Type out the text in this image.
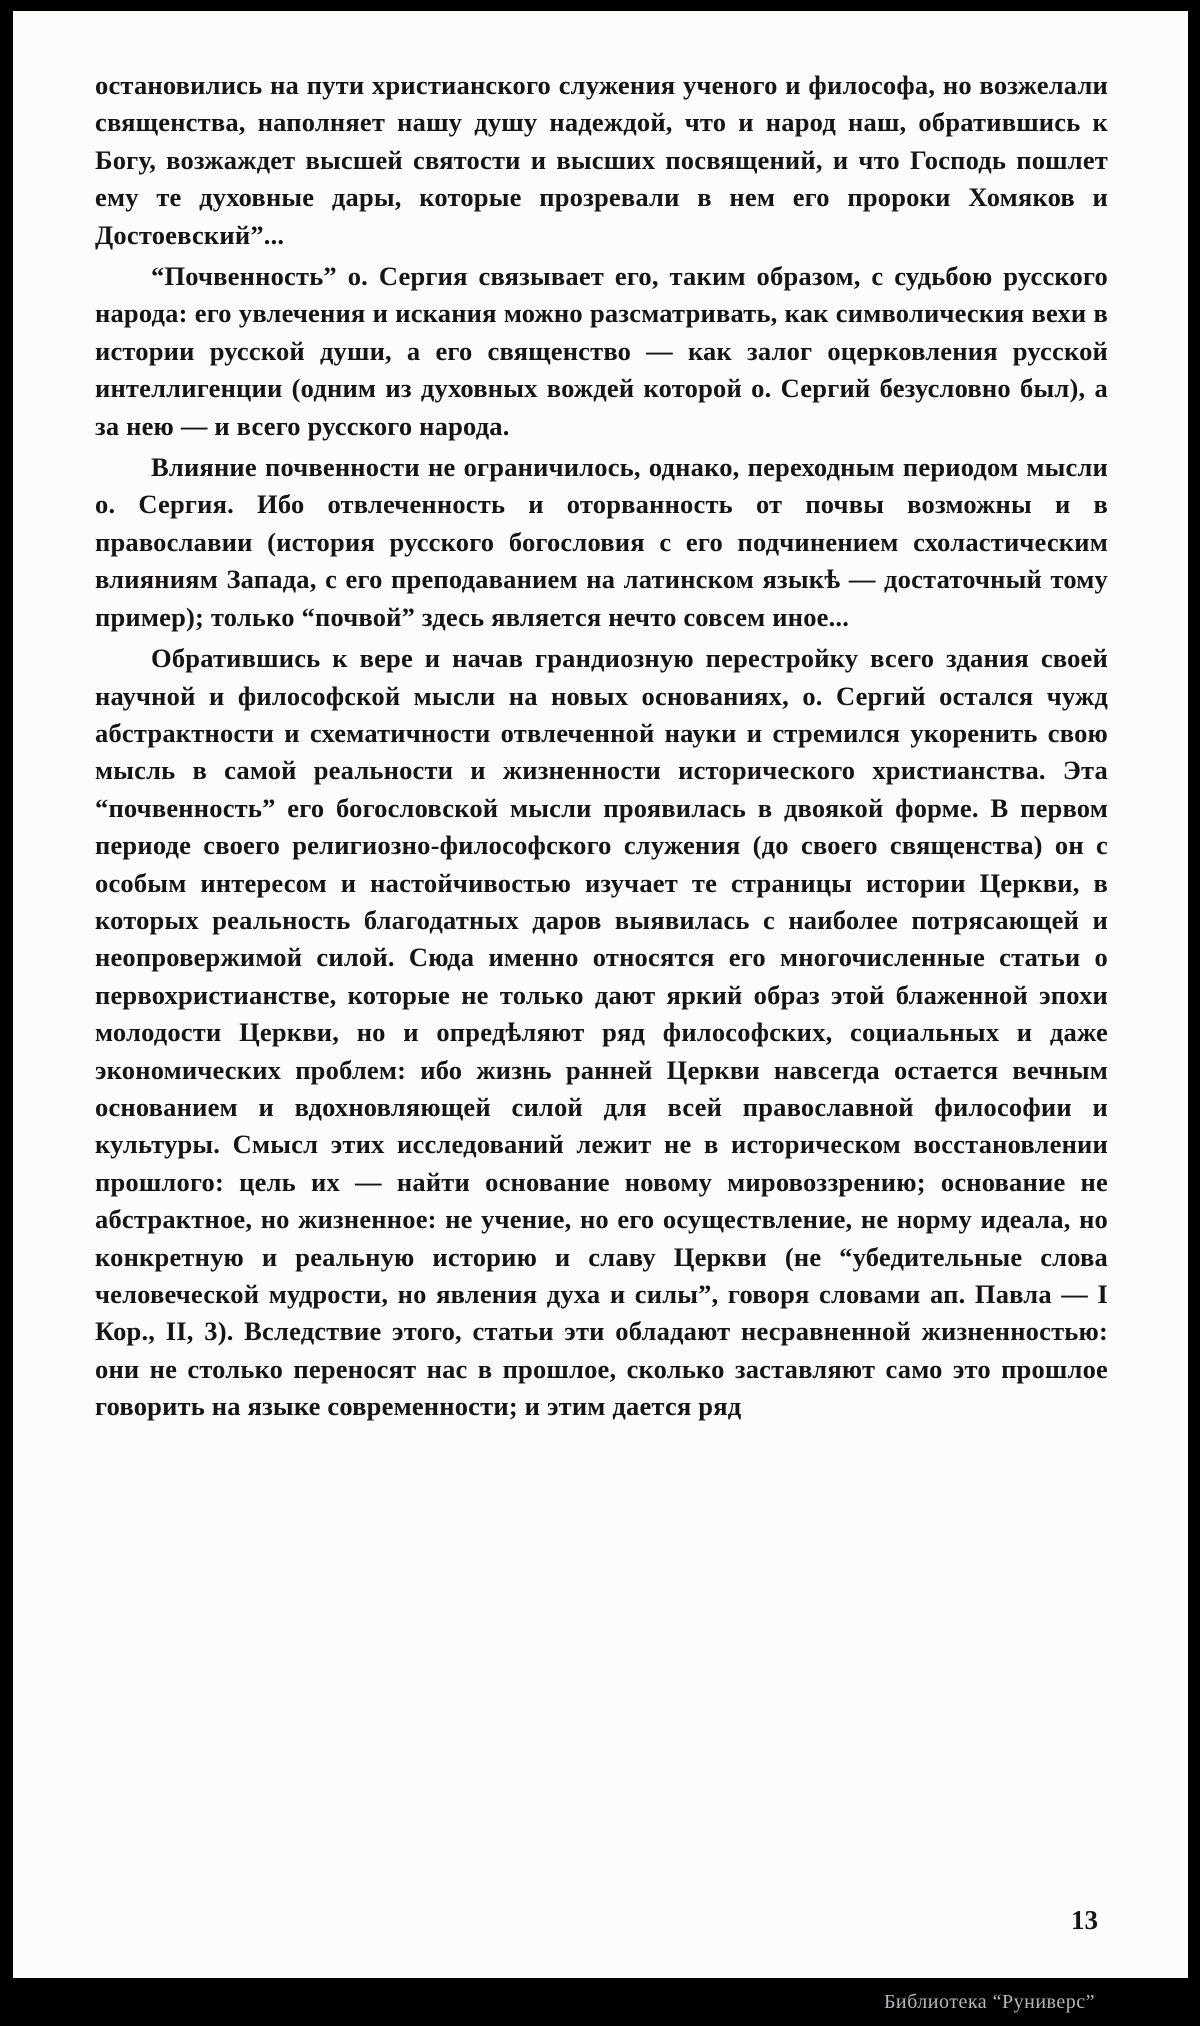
остановились на пути христианского служения ученого и философа, но возжелали священства, наполняет нашу душу надеждой, что и народ наш, обратившись к Богу, возжаждет высшей святости и высших посвящений, и что Господь пошлет ему те духовные дары, которые прозревали в нем его пророки Хомяков и Достоевский”...

“Почвенность” о. Сергия связывает его, таким образом, с судьбою русского народа: его увлечения и искания можно разсматривать, как символическия вехи в истории русской души, а его священство — как залог оцерковления русской интеллигенции (одним из духовных вождей которой о. Сергий безусловно был), а за нею — и всего русского народа.

Влияние почвенности не ограничилось, однако, переходным периодом мысли о. Сергия. Ибо отвлеченность и оторванность от почвы возможны и в православии (история русского богословия с его подчинением схоластическим влияниям Запада, с его преподаванием на латинском языкѣ — достаточный тому пример); только “почвой” здесь является нечто совсем иное...

Обратившись к вере и начав грандиозную перестройку всего здания своей научной и философской мысли на новых основаниях, о. Сергий остался чужд абстрактности и схематичности отвлеченной науки и стремился укоренить свою мысль в самой реальности и жизненности исторического христианства. Эта “почвенность” его богословской мысли проявилась в двоякой форме. В первом периоде своего религиозно-философского служения (до своего священства) он с особым интересом и настойчивостью изучает те страницы истории Церкви, в которых реальность благодатных даров выявилась с наиболее потрясающей и неопровержимой силой. Сюда именно относятся его многочисленные статьи о первохристианстве, которые не только дают яркий образ этой блаженной эпохи молодости Церкви, но и опредѣляют ряд философских, социальных и даже экономических проблем: ибо жизнь ранней Церкви навсегда остается вечным основанием и вдохновляющей силой для всей православной философии и культуры. Смысл этих исследований лежит не в историческом восстановлении прошлого: цель их — найти основание новому мировоззрению; основание не абстрактное, но жизненное: не учение, но его осуществление, не норму идеала, но конкретную и реальную историю и славу Церкви (не “убедительные слова человеческой мудрости, но явления духа и силы”, говоря словами ап. Павла — I Кор., II, 3). Вследствие этого, статьи эти обладают несравненной жизненностью: они не столько переносят нас в прошлое, сколько заставляют само это прошлое говорить на языке современности; и этим дается ряд

13
Библиотека “Руниверс”
